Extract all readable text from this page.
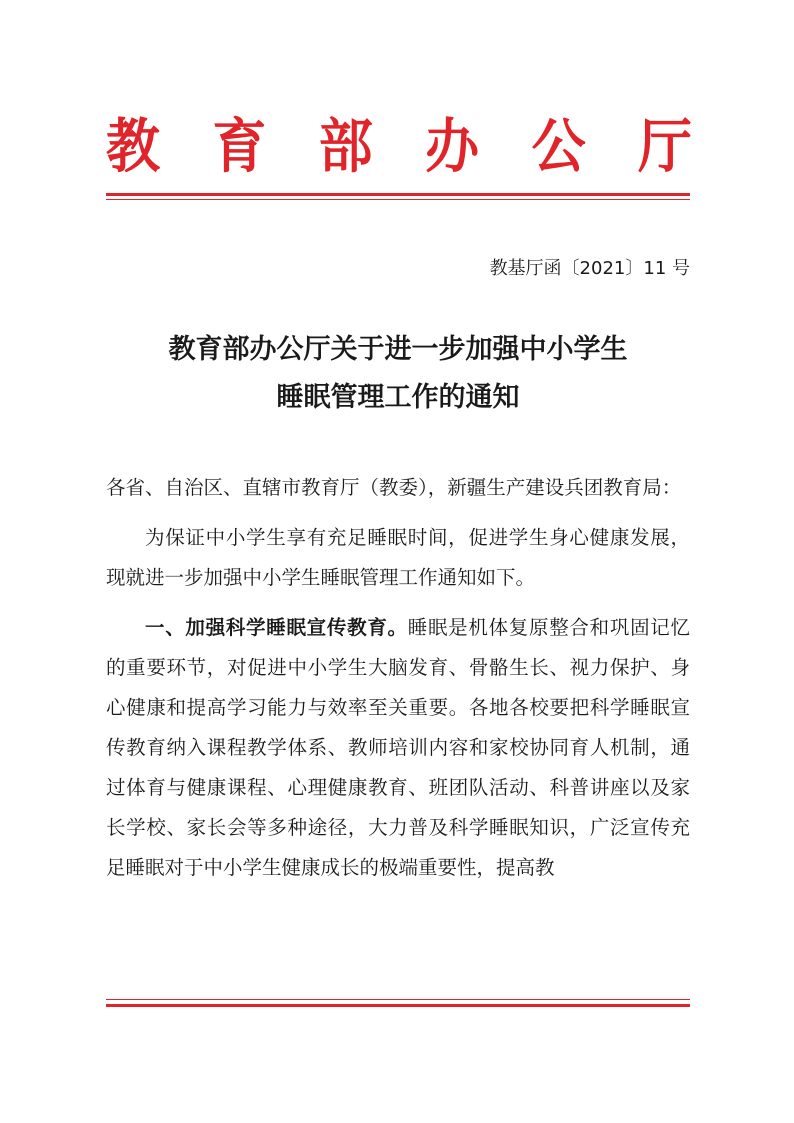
教 育 部 办 公 厅
教基厅函〔2021〕11 号
教育部办公厅关于进一步加强中小学生
睡眠管理工作的通知

各省、自治区、直辖市教育厅（教委），新疆生产建设兵团教育局：

为保证中小学生享有充足睡眠时间，促进学生身心健康发展，现就进一步加强中小学生睡眠管理工作通知如下。

一、加强科学睡眠宣传教育。睡眠是机体复原整合和巩固记忆的重要环节，对促进中小学生大脑发育、骨骼生长、视力保护、身心健康和提高学习能力与效率至关重要。各地各校要把科学睡眠宣传教育纳入课程教学体系、教师培训内容和家校协同育人机制，通过体育与健康课程、心理健康教育、班团队活动、科普讲座以及家长学校、家长会等多种途径，大力普及科学睡眠知识，广泛宣传充足睡眠对于中小学生健康成长的极端重要性，提高教
